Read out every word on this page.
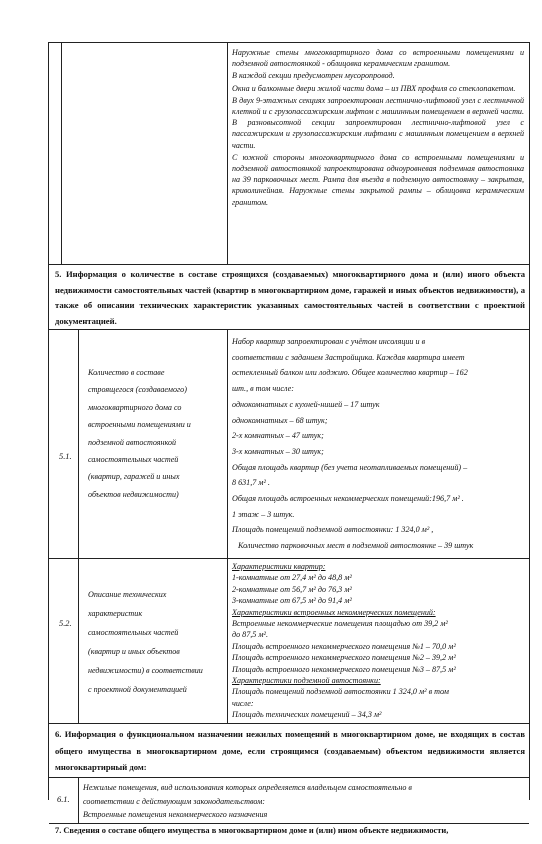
Наружные стены многоквартирного дома со встроенными помещениями и подземной автостоянкой - облицовка керамическим гранитом.

В каждой секции предусмотрен мусоропровод.

Окна и балконные двери жилой части дома – из ПВХ профиля со стеклопакетом.

В двух 9-этажных секциях запроектирован лестнично-лифтовой узел с лестничной клеткой и с грузопассажирским лифтом с машинным помещением в верхней части. В разновысотной секции запроектирован лестнично-лифтовой узел с пассажирским и грузопассажирским лифтами с машинным помещением в верхней части.

С южной стороны многоквартирного дома со встроенными помещениями и подземной автостоянкой запроектирована одноуровневая подземная автостоянка на 39 парковочных мест. Рампа для въезда в подземную автостоянку – закрытая, криволинейная. Наружные стены закрытой рампы – облицовка керамическим гранитом.

5. Информация о количестве в составе строящихся (создаваемых) многоквартирного дома и (или) иного объекта недвижимости самостоятельных частей (квартир в многоквартирном доме, гаражей и иных объектов недвижимости), а также об описании технических характеристик указанных самостоятельных частей в соответствии с проектной документацией.
5.1.
Количество в составе
строящегося (создаваемого)
многоквартирного дома со
встроенными помещениями и
подземной автостоянкой
самостоятельных частей
(квартир, гаражей и иных
объектов недвижимости)
Набор квартир запроектирован с учётом инсоляции и в
соответствии с заданием Застройщика. Каждая квартира имеет
остекленный балкон или лоджию. Общее количество квартир – 162
шт., в том числе:
однокомнатных с кухней-нишей – 17 штук
однокомнатных – 68 штук;
2-х комнатных – 47 штук;
3-х комнатных – 30 штук;
Общая площадь квартир (без учета неотапливаемых помещений) –
8 631,7 м² .
Общая площадь встроенных некоммерческих помещений:196,7 м² .
1 этаж – 3 штук.
Площадь помещений подземной автостоянки: 1 324,0 м² ,
Количество парковочных мест в подземной автостоянке – 39 штук
5.2.
Описание технических
характеристик
самостоятельных частей
(квартир и иных объектов
недвижимости) в соответствии
с проектной документацией
Характеристики квартир:
1-комнатные от 27,4 м² до 48,8 м²
2-комнатные от 56,7 м² до 76,3 м²
3-комнатные от 67,5 м² до 91,4 м²
Характеристики встроенных некоммерческих помещений:
Встроенные некоммерческие помещения площадью от 39,2 м²
до 87,5 м².
Площадь встроенного некоммерческого помещения №1 – 70,0 м²
Площадь встроенного некоммерческого помещения №2 – 39,2 м²
Площадь встроенного некоммерческого помещения №3 – 87,5 м²
Характеристики подземной автостоянки:
Площадь помещений подземной автостоянки 1 324,0 м² в том
числе:
Площадь технических помещений – 34,3 м²
6. Информация о функциональном назначении нежилых помещений в многоквартирном доме, не входящих в состав общего имущества в многоквартирном доме, если строящимся (создаваемым) объектом недвижимости является многоквартирный дом:
6.1.
Нежилые помещения, вид использования которых определяется владельцем самостоятельно в
соответствии с действующим законодательством:
Встроенные помещения некоммерческого назначения
7. Сведения о составе общего имущества в многоквартирном доме и (или) ином объекте недвижимости,
